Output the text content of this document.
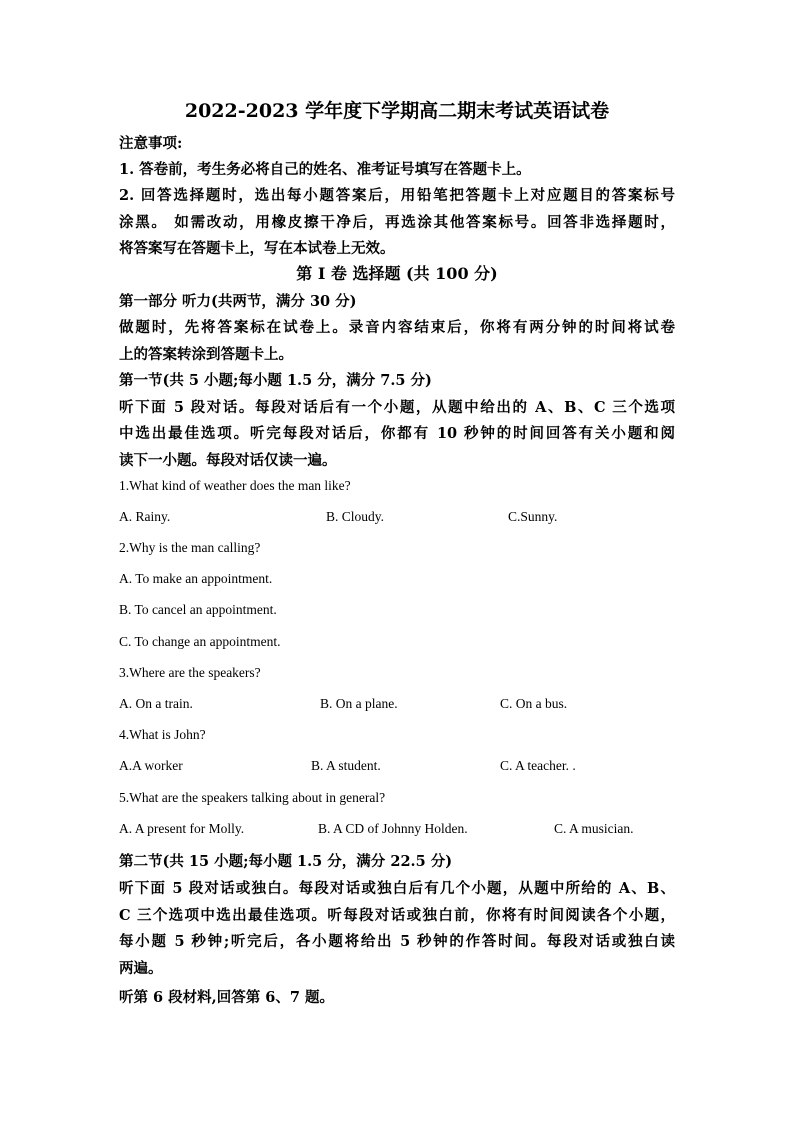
2022-2023 学年度下学期高二期末考试英语试卷
注意事项:
1. 答卷前，考生务必将自己的姓名、准考证号填写在答题卡上。
2. 回答选择题时，选出每小题答案后，用铅笔把答题卡上对应题目的答案标号
涂黑。 如需改动，用橡皮擦干净后，再选涂其他答案标号。回答非选择题时，
将答案写在答题卡上，写在本试卷上无效。
第 Ⅰ 卷 选择题 (共 100 分)
第一部分 听力(共两节，满分 30 分)
做题时，先将答案标在试卷上。录音内容结束后，你将有两分钟的时间将试卷
上的答案转涂到答题卡上。
第一节(共 5 小题;每小题 1.5 分，满分 7.5 分)
听下面 5 段对话。每段对话后有一个小题，从题中给出的 A、B、C 三个选项
中选出最佳选项。听完每段对话后，你都有 10 秒钟的时间回答有关小题和阅
读下一小题。每段对话仅读一遍。
1.What kind of weather does the man like?
A. Rainy.	B. Cloudy.	C.Sunny.
2.Why is the man calling?
A. To make an appointment.
B. To cancel an appointment.
C. To change an appointment.
3.Where are the speakers?
A. On a train.	B. On a plane.	C. On a bus.
4.What is John?
A.A worker	B. A student.	C. A teacher. .
5.What are the speakers talking about in general?
A. A present for Molly.	B. A CD of Johnny Holden.	C. A musician.
第二节(共 15 小题;每小题 1.5 分，满分 22.5 分)
听下面 5 段对话或独白。每段对话或独白后有几个小题，从题中所给的 A、B、
C 三个选项中选出最佳选项。听每段对话或独白前，你将有时间阅读各个小题，
每小题 5 秒钟;听完后，各小题将给出 5 秒钟的作答时间。每段对话或独白读
两遍。
听第 6 段材料,回答第 6、7 题。
